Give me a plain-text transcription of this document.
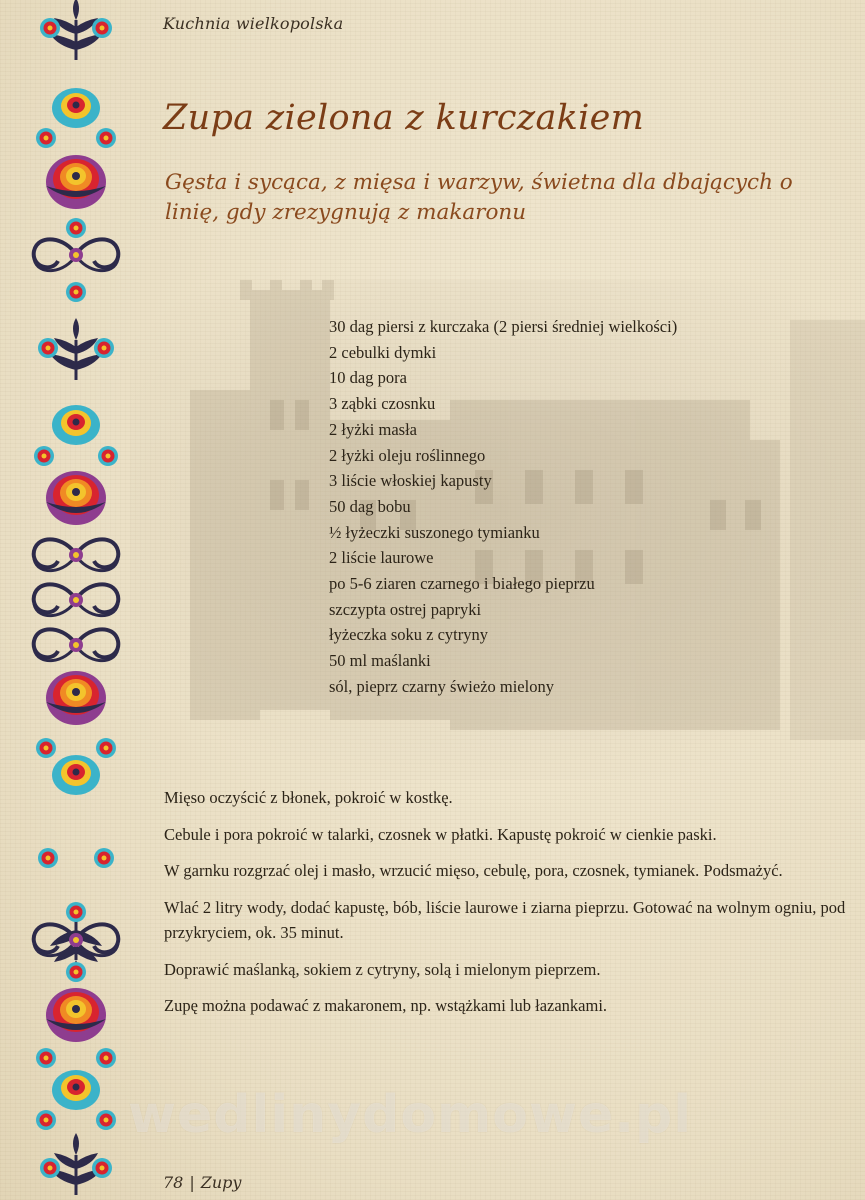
Kuchnia wielkopolska
Zupa zielona z kurczakiem

Gęsta i sycąca, z mięsa i warzyw, świetna dla dbających o linię, gdy zrezygnują z makaronu

30 dag piersi z kurczaka (2 piersi średniej wielkości)
2 cebulki dymki
10 dag pora
3 ząbki czosnku
2 łyżki masła
2 łyżki oleju roślinnego
3 liście włoskiej kapusty
50 dag bobu
½ łyżeczki suszonego tymianku
2 liście laurowe
po 5-6 ziaren czarnego i białego pieprzu
szczypta ostrej papryki
łyżeczka soku z cytryny
50 ml maślanki
sól, pieprz czarny świeżo mielony

Mięso oczyścić z błonek, pokroić w kostkę.

Cebule i pora pokroić w talarki, czosnek w płatki. Kapustę pokroić w cienkie paski.

W garnku rozgrzać olej i masło, wrzucić mięso, cebulę, pora, czosnek, tymianek. Podsmażyć.

Wlać 2 litry wody, dodać kapustę, bób, liście laurowe i ziarna pieprzu. Gotować na wolnym ogniu, pod przykryciem, ok. 35 minut.

Doprawić maślanką, sokiem z cytryny, solą i mielonym pieprzem.

Zupę można podawać z makaronem, np. wstążkami lub łazankami.

wedlinydomowe.pl
78 | Zupy
